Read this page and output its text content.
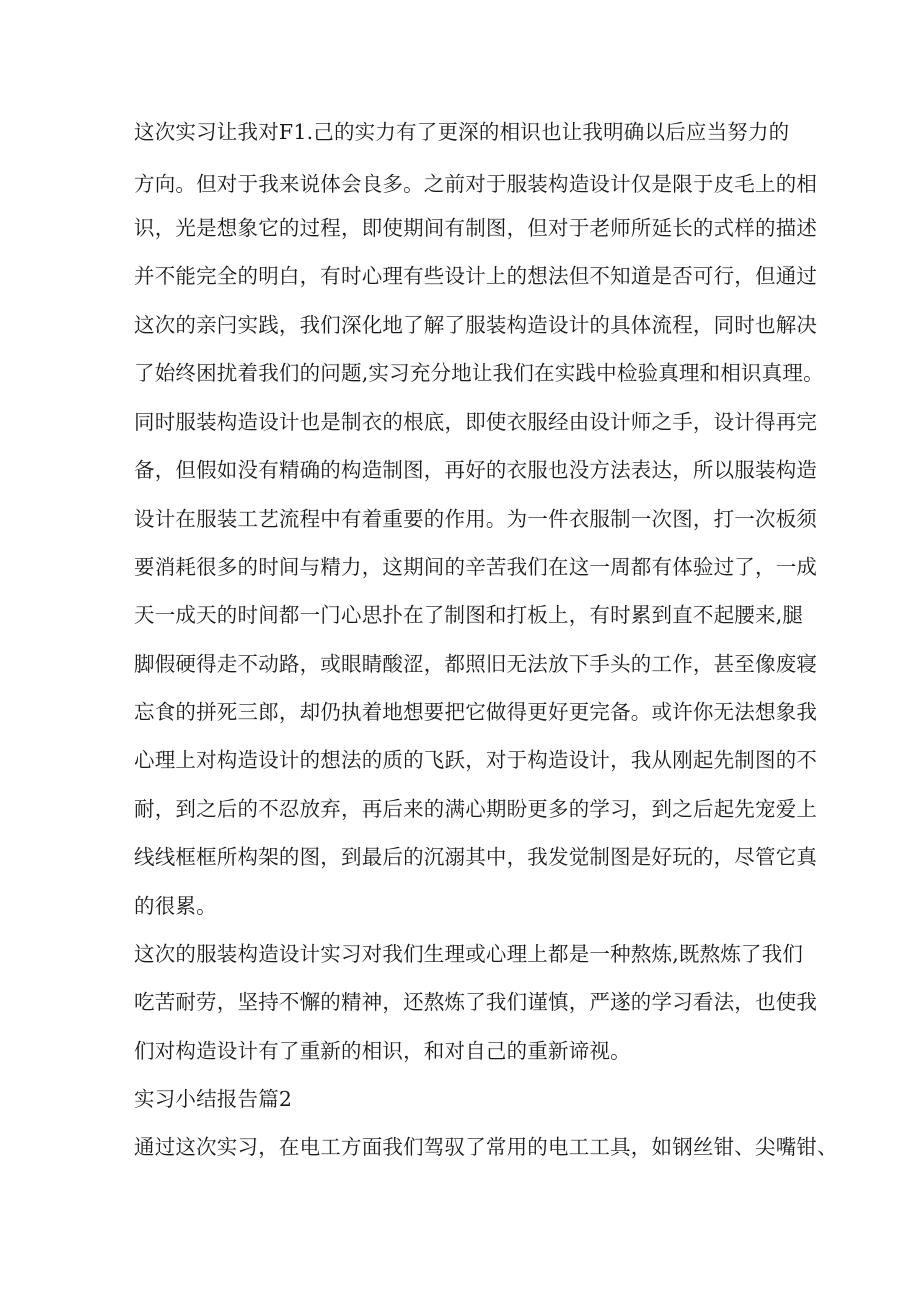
这次实习让我对F1.己的实力有了更深的相识也让我明确以后应当努力的
方向。但对于我来说体会良多。之前对于服装构造设计仅是限于皮毛上的相
识，光是想象它的过程，即使期间有制图，但对于老师所延长的式样的描述
并不能完全的明白，有时心理有些设计上的想法但不知道是否可行，但通过
这次的亲闩实践，我们深化地了解了服装构造设计的具体流程，同时也解决
了始终困扰着我们的问题,实习充分地让我们在实践中检验真理和相识真理。
同时服装构造设计也是制衣的根底，即使衣服经由设计师之手，设计得再完
备，但假如没有精确的构造制图，再好的衣服也没方法表达，所以服装构造
设计在服装工艺流程中有着重要的作用。为一件衣服制一次图，打一次板须
要消耗很多的时间与精力，这期间的辛苦我们在这一周都有体验过了，一成
天一成天的时间都一门心思扑在了制图和打板上，有时累到直不起腰来,腿
脚假硬得走不动路，或眼睛酸涩，都照旧无法放下手头的工作，甚至像废寝
忘食的拼死三郎，却仍执着地想要把它做得更好更完备。或许你无法想象我
心理上对构造设计的想法的质的飞跃，对于构造设计，我从刚起先制图的不
耐，到之后的不忍放弃，再后来的满心期盼更多的学习，到之后起先宠爱上
线线框框所构架的图，到最后的沉溺其中，我发觉制图是好玩的，尽管它真
的很累。
这次的服装构造设计实习对我们生理或心理上都是一种熬炼,既熬炼了我们
吃苦耐劳，坚持不懈的精神，还熬炼了我们谨慎，严遂的学习看法，也使我
们对构造设计有了重新的相识，和对自己的重新谛视。
实习小结报告篇2
通过这次实习，在电工方面我们驾驭了常用的电工工具，如钢丝钳、尖嘴钳、
